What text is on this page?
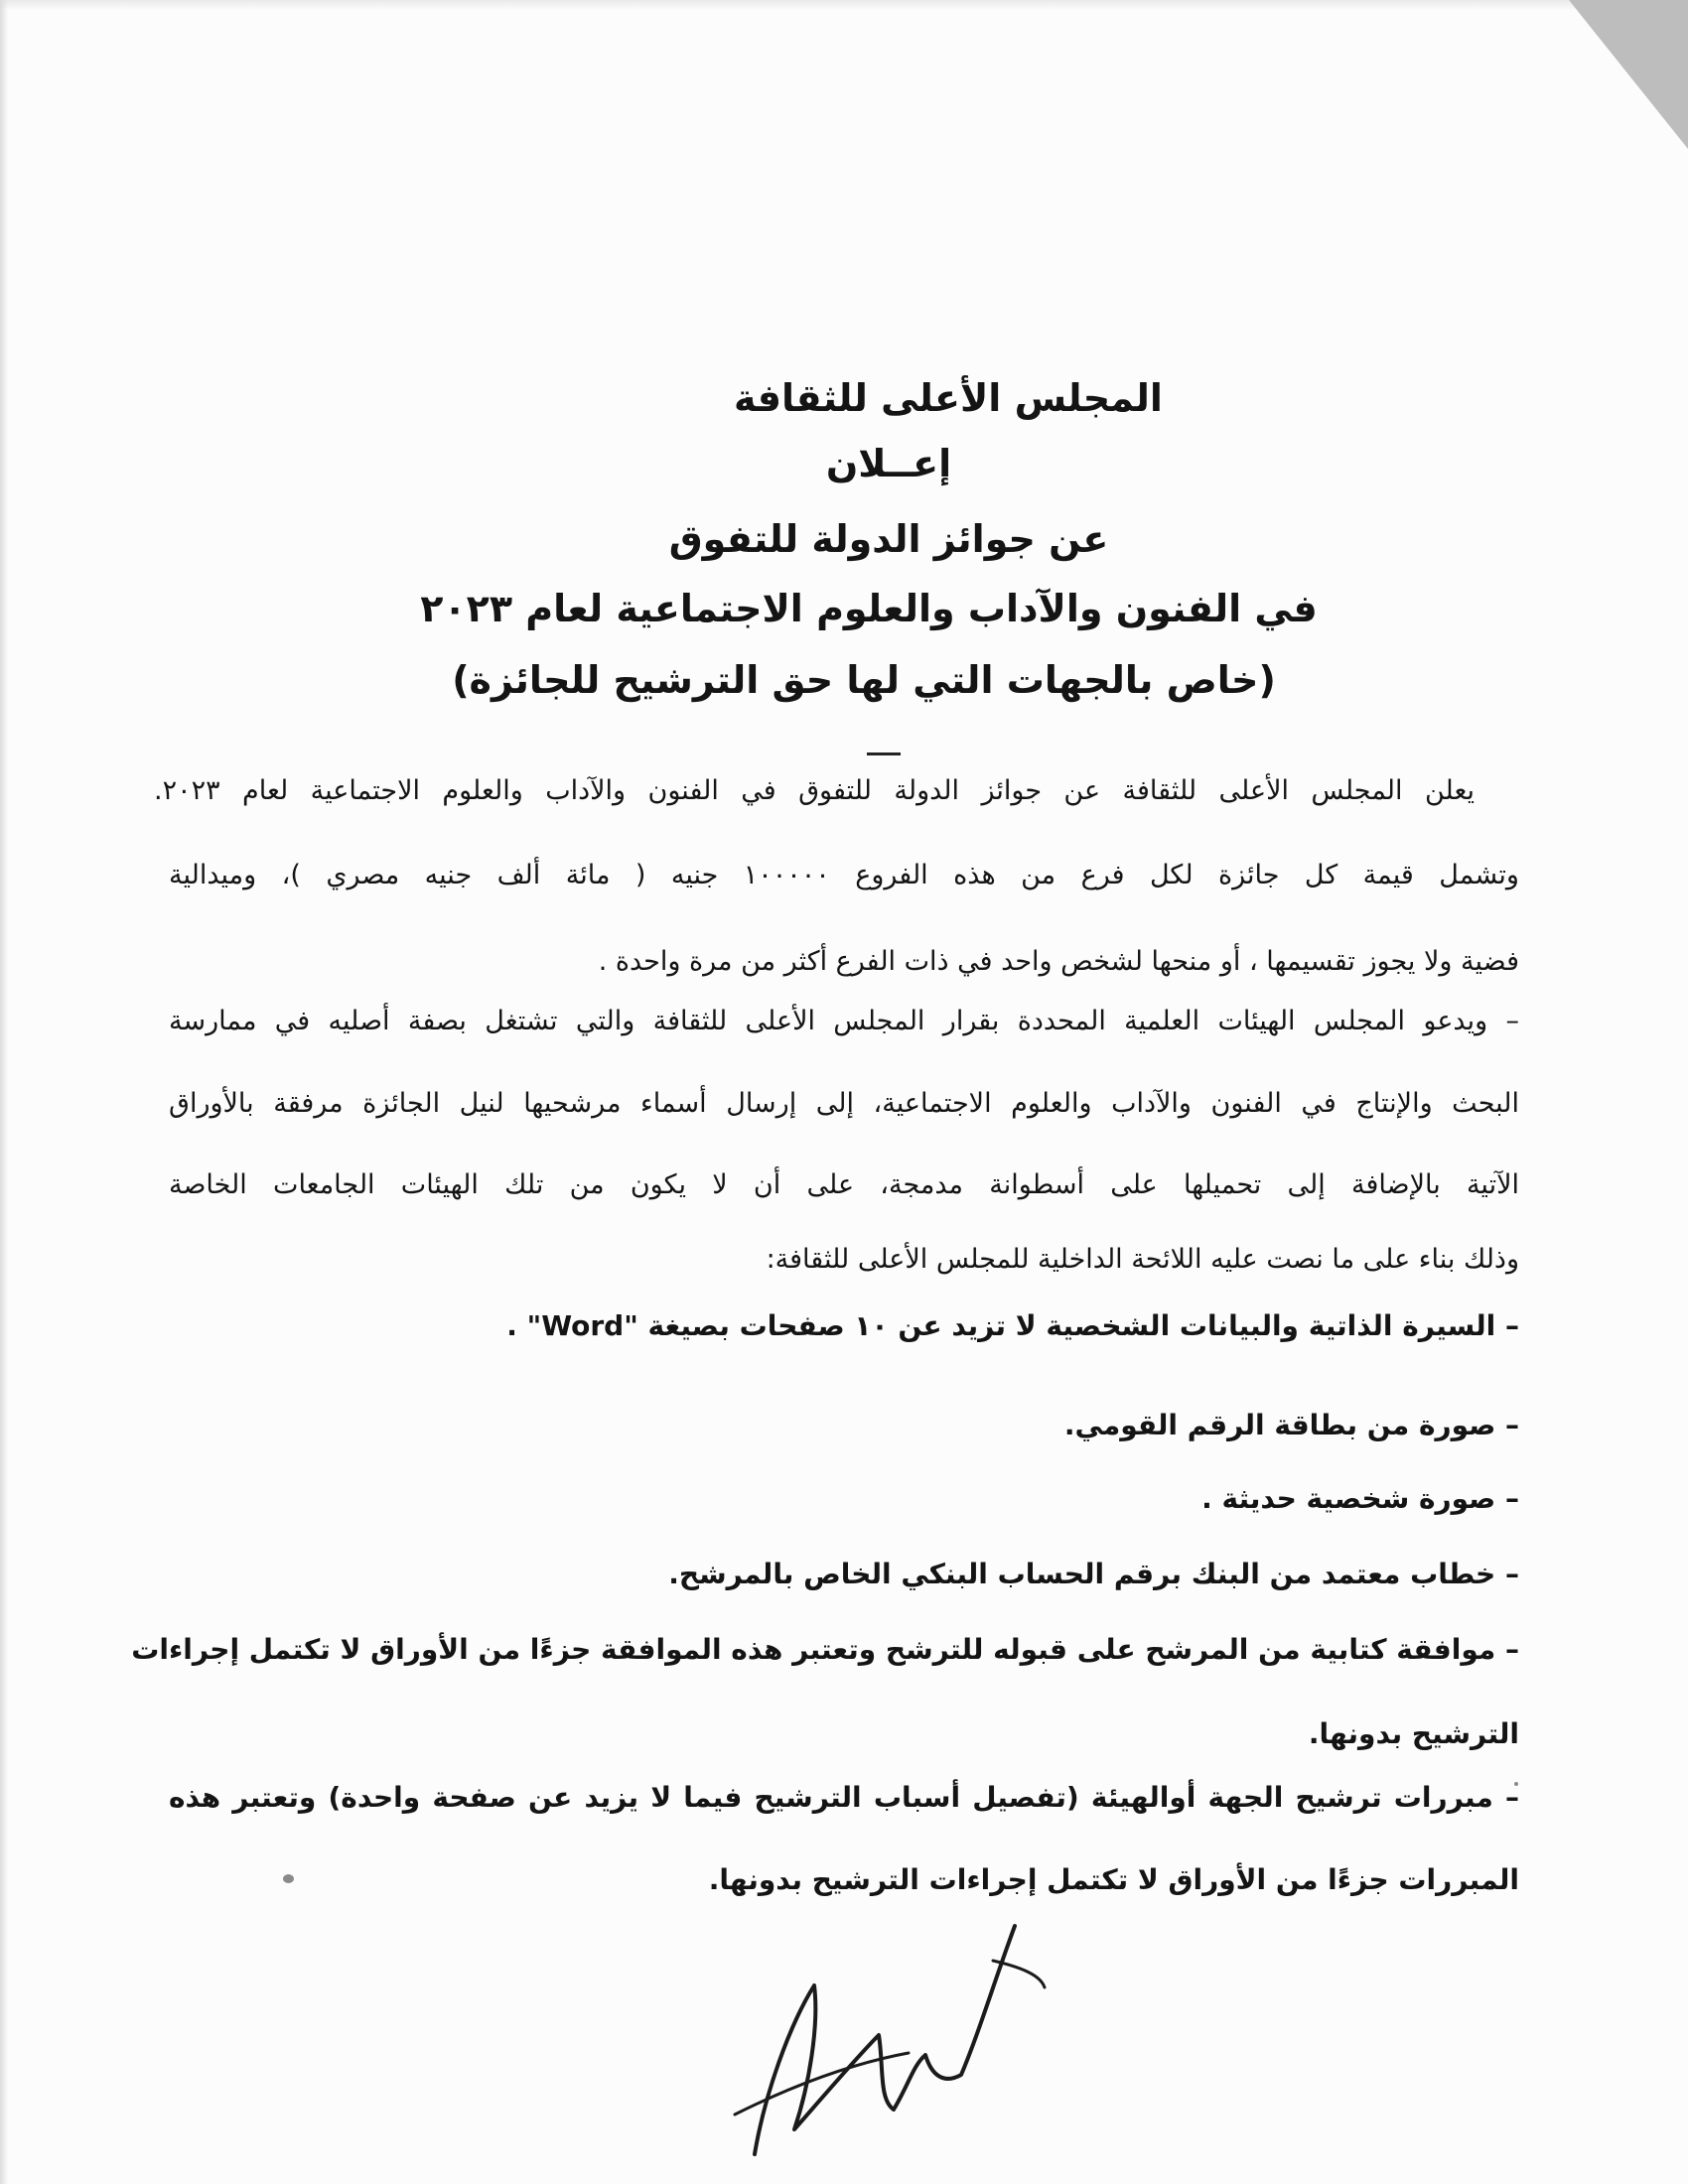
المجلس الأعلى للثقافة
إعــلان
عن جوائز الدولة للتفوق
في الفنون والآداب والعلوم الاجتماعية لعام ٢٠٢٣
(خاص بالجهات التي لها حق الترشيح للجائزة)
يعلن المجلس الأعلى للثقافة عن جوائز الدولة للتفوق في الفنون والآداب والعلوم الاجتماعية لعام ٢٠٢٣.
وتشمل قيمة كل جائزة لكل فرع من هذه الفروع ١٠٠٠٠٠ جنيه ( مائة ألف جنيه مصري )، وميدالية
فضية ولا يجوز تقسيمها ، أو منحها لشخص واحد في ذات الفرع أكثر من مرة واحدة .
– ويدعو المجلس الهيئات العلمية المحددة بقرار المجلس الأعلى للثقافة والتي تشتغل بصفة أصليه في ممارسة
البحث والإنتاج في الفنون والآداب والعلوم الاجتماعية، إلى إرسال أسماء مرشحيها لنيل الجائزة مرفقة بالأوراق
الآتية بالإضافة إلى تحميلها على أسطوانة مدمجة، على أن لا يكون من تلك الهيئات الجامعات الخاصة
وذلك بناء على ما نصت عليه اللائحة الداخلية للمجلس الأعلى للثقافة:
– السيرة الذاتية والبيانات الشخصية لا تزيد عن ١٠ صفحات بصيغة "Word" .
– صورة من بطاقة الرقم القومي.
– صورة شخصية حديثة .
– خطاب معتمد من البنك برقم الحساب البنكي الخاص بالمرشح.
– موافقة كتابية من المرشح على قبوله للترشح وتعتبر هذه الموافقة جزءًا من الأوراق لا تكتمل إجراءات
الترشيح بدونها.
– مبررات ترشيح الجهة أوالهيئة (تفصيل أسباب الترشيح فيما لا يزيد عن صفحة واحدة) وتعتبر هذه
المبررات جزءًا من الأوراق لا تكتمل إجراءات الترشيح بدونها.
